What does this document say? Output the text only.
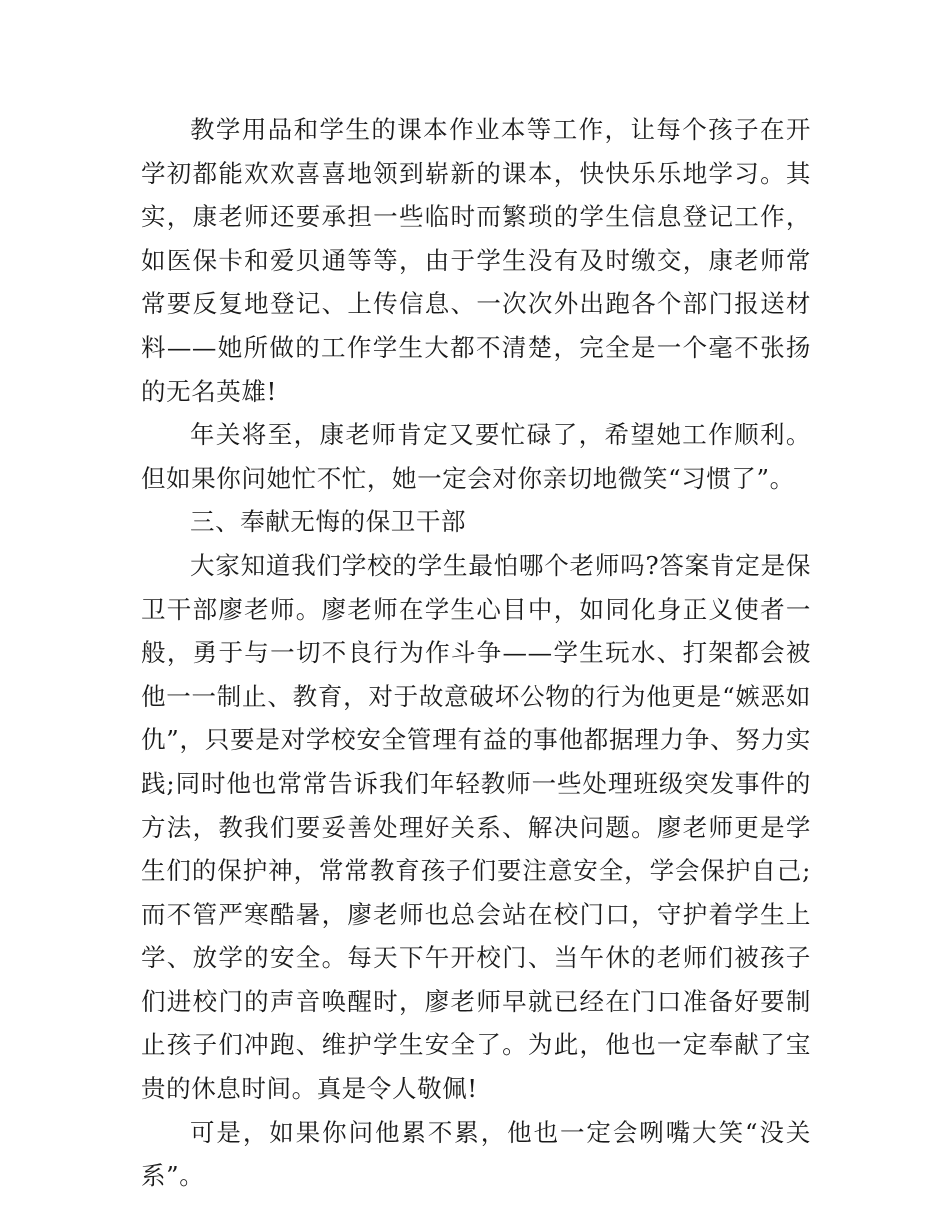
教学用品和学生的课本作业本等工作，让每个孩子在开学初都能欢欢喜喜地领到崭新的课本，快快乐乐地学习。其实，康老师还要承担一些临时而繁琐的学生信息登记工作，如医保卡和爱贝通等等，由于学生没有及时缴交，康老师常常要反复地登记、上传信息、一次次外出跑各个部门报送材料——她所做的工作学生大都不清楚，完全是一个毫不张扬的无名英雄!

年关将至，康老师肯定又要忙碌了，希望她工作顺利。但如果你问她忙不忙，她一定会对你亲切地微笑“习惯了”。

三、奉献无悔的保卫干部

大家知道我们学校的学生最怕哪个老师吗?答案肯定是保卫干部廖老师。廖老师在学生心目中，如同化身正义使者一般，勇于与一切不良行为作斗争——学生玩水、打架都会被他一一制止、教育，对于故意破坏公物的行为他更是“嫉恶如仇”，只要是对学校安全管理有益的事他都据理力争、努力实践;同时他也常常告诉我们年轻教师一些处理班级突发事件的方法，教我们要妥善处理好关系、解决问题。廖老师更是学生们的保护神，常常教育孩子们要注意安全，学会保护自己;而不管严寒酷暑，廖老师也总会站在校门口，守护着学生上学、放学的安全。每天下午开校门、当午休的老师们被孩子们进校门的声音唤醒时，廖老师早就已经在门口准备好要制止孩子们冲跑、维护学生安全了。为此，他也一定奉献了宝贵的休息时间。真是令人敬佩!

可是，如果你问他累不累，他也一定会咧嘴大笑“没关系”。
